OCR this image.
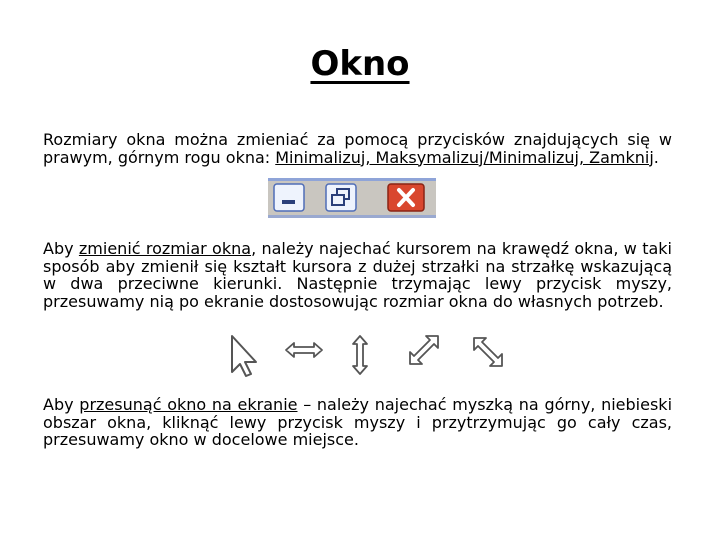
Okno
Rozmiary okna można zmieniać za pomocą przycisków znajdujących się w prawym, górnym rogu okna: Minimalizuj, Maksymalizuj/Minimalizuj, Zamknij.
Aby zmienić rozmiar okna, należy najechać kursorem na krawędź okna, w taki sposób aby zmienił się kształt kursora z dużej strzałki na strzałkę wskazującą w dwa przeciwne kierunki. Następnie trzymając lewy przycisk myszy, przesuwamy nią po ekranie dostosowując rozmiar okna do własnych potrzeb.
Aby przesunąć okno na ekranie – należy najechać myszką na górny, niebieski obszar okna, kliknąć lewy przycisk myszy i przytrzymując go cały czas, przesuwamy okno w docelowe miejsce.
